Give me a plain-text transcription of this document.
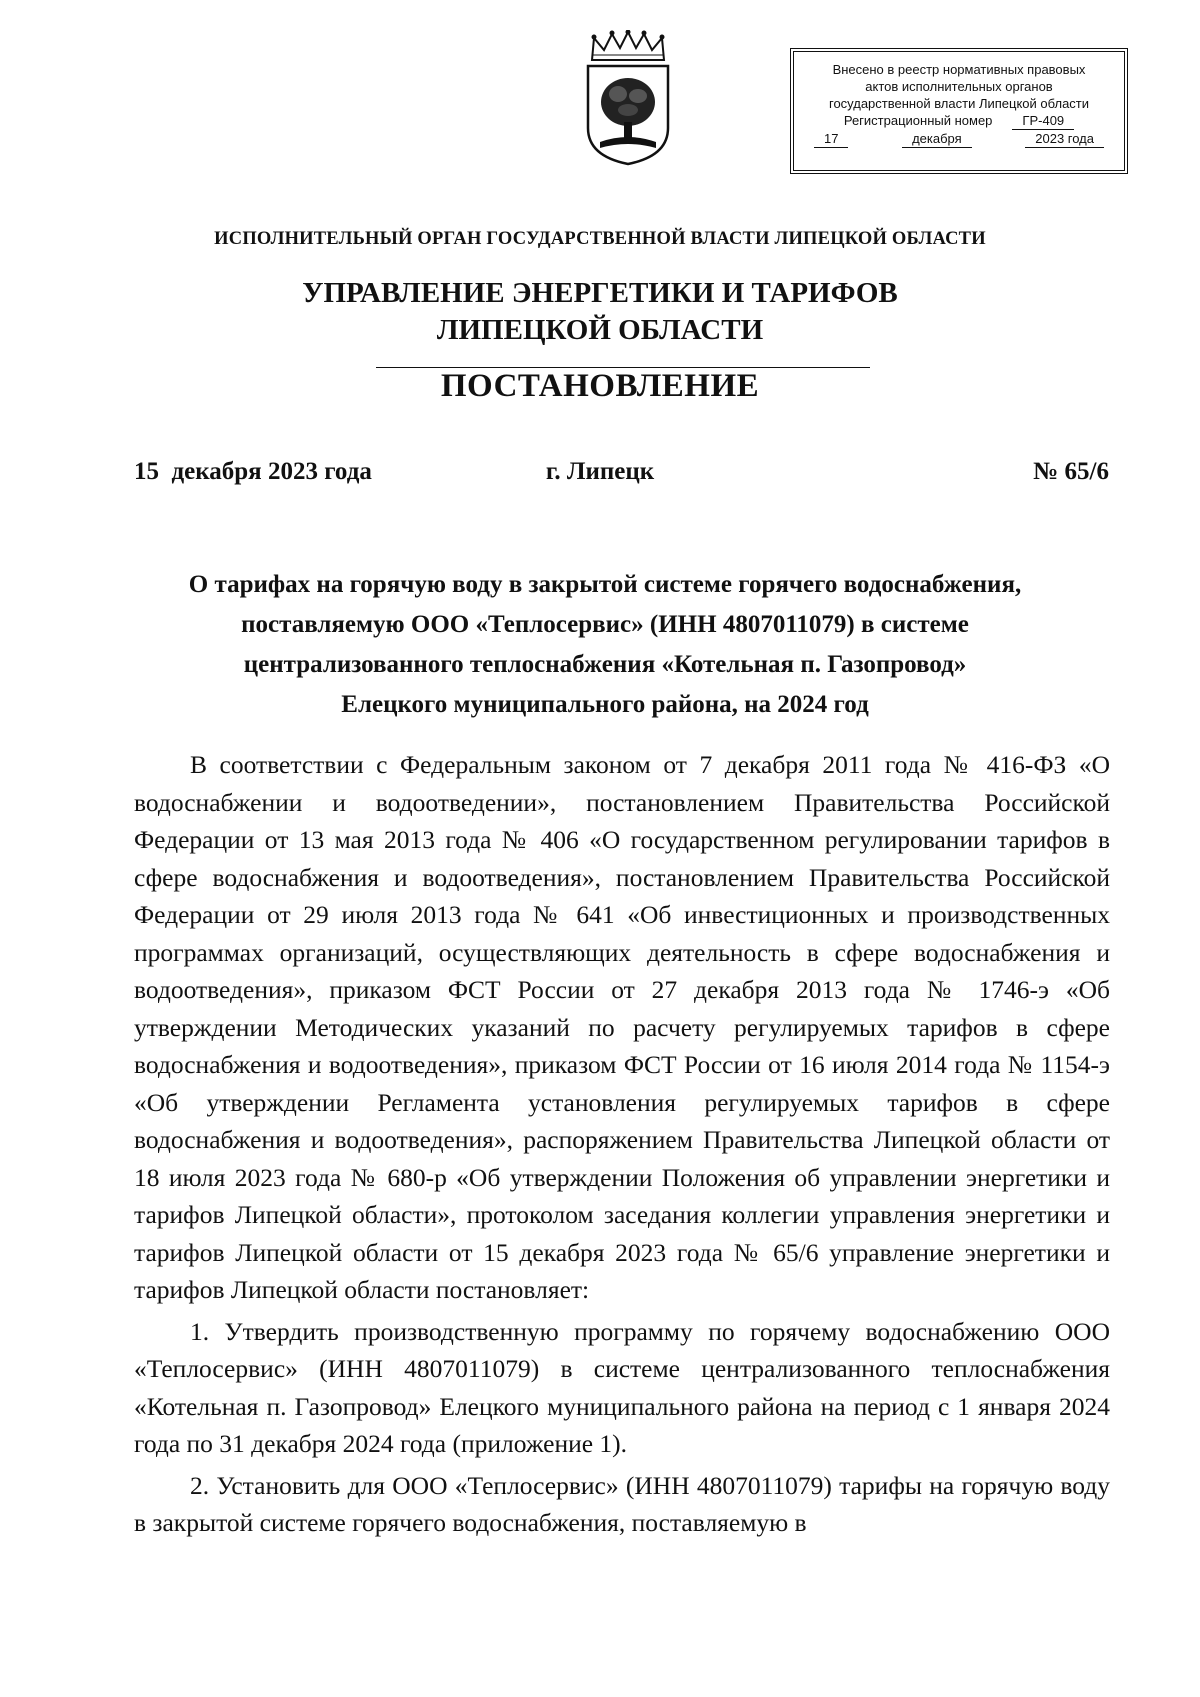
Внесено в реестр нормативных правовых
актов исполнительных органов
государственной власти Липецкой области
Регистрационный номер	ГР-409
17	декабря	2023 года
ИСПОЛНИТЕЛЬНЫЙ ОРГАН ГОСУДАРСТВЕННОЙ ВЛАСТИ ЛИПЕЦКОЙ ОБЛАСТИ
УПРАВЛЕНИЕ ЭНЕРГЕТИКИ И ТАРИФОВ
ЛИПЕЦКОЙ ОБЛАСТИ
ПОСТАНОВЛЕНИЕ
15  декабря 2023 года	г. Липецк	№ 65/6
О тарифах на горячую воду в закрытой системе горячего водоснабжения,
поставляемую ООО «Теплосервис» (ИНН 4807011079) в системе
централизованного теплоснабжения «Котельная п. Газопровод»
Елецкого муниципального района, на 2024 год

В соответствии с Федеральным законом от 7 декабря 2011 года № 416-ФЗ «О водоснабжении и водоотведении», постановлением Правительства Российской Федерации от 13 мая 2013 года № 406 «О государственном регулировании тарифов в сфере водоснабжения и водоотведения», постановлением Правительства Российской Федерации от 29 июля 2013 года № 641 «Об инвестиционных и производственных программах организаций, осуществляющих деятельность в сфере водоснабжения и водоотведения», приказом ФСТ России от 27 декабря 2013 года № 1746-э «Об утверждении Методических указаний по расчету регулируемых тарифов в сфере водоснабжения и водоотведения», приказом ФСТ России от 16 июля 2014 года № 1154-э «Об утверждении Регламента установления регулируемых тарифов в сфере водоснабжения и водоотведения», распоряжением Правительства Липецкой области от 18 июля 2023 года № 680-р «Об утверждении Положения об управлении энергетики и тарифов Липецкой области», протоколом заседания коллегии управления энергетики и тарифов Липецкой области от 15 декабря 2023 года № 65/6 управление энергетики и тарифов Липецкой области постановляет:

1. Утвердить производственную программу по горячему водоснабжению ООО «Теплосервис» (ИНН 4807011079) в системе централизованного теплоснабжения «Котельная п. Газопровод» Елецкого муниципального района на период с 1 января 2024 года по 31 декабря 2024 года (приложение 1).

2. Установить для ООО «Теплосервис» (ИНН 4807011079) тарифы на горячую воду в закрытой системе горячего водоснабжения, поставляемую в
